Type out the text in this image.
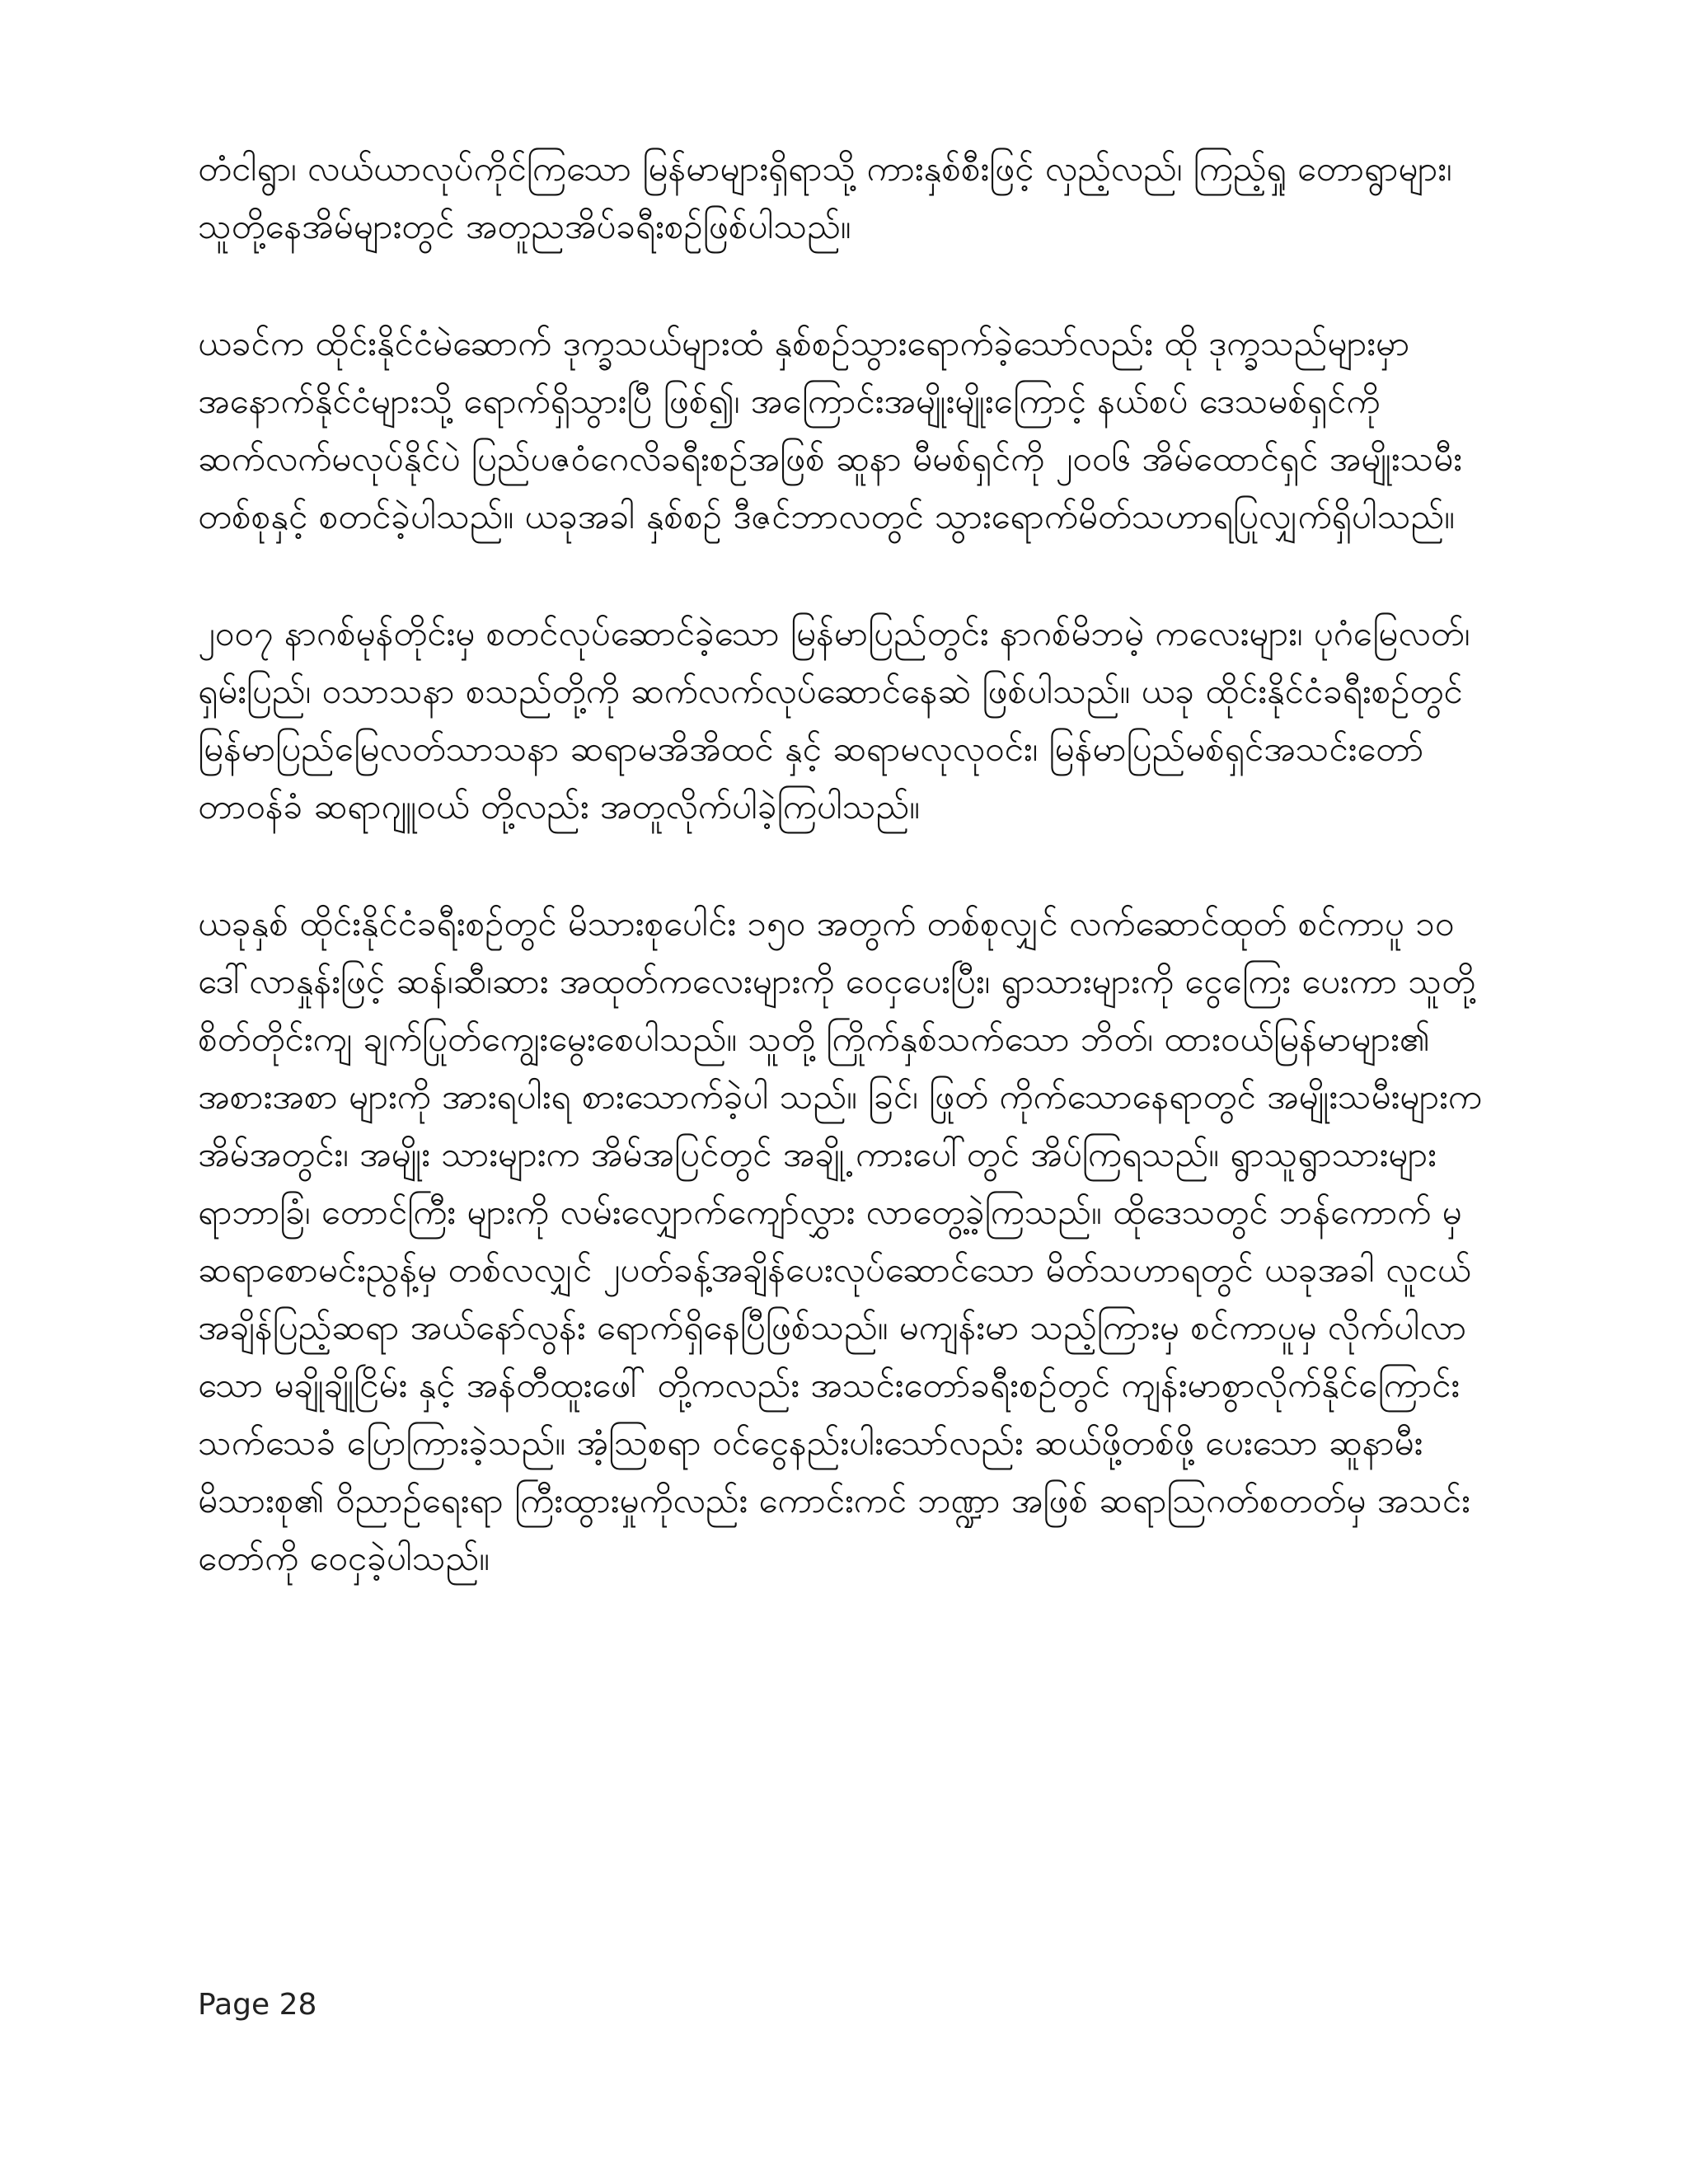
တံငါရွာ၊ လယ်ယာလုပ်ကိုင်ကြသော မြန်မာများရှိရာသို့ ကားနှစ်စီးဖြင့် လှည့်လည်၊ ကြည့်ရှု တောရွာများ၊ သူတို့နေအိမ်များတွင် အတူညအိပ်ခရီးစဉ်ဖြစ်ပါသည်။

ယခင်က ထိုင်းနိုင်ငံမဲဆောက် ဒုက္ခသယ်များထံ နှစ်စဉ်သွားရောက်ခဲ့သော်လည်း ထို ဒုက္ခသည်များမှာ အနောက်နိုင်ငံများသို့ ရောက်ရှိသွားပြီ ဖြစ်၍၊ အကြောင်းအမျိုးမျိုးကြောင့် နယ်စပ် ဒေသမစ်ရှင်ကို ဆက်လက်မလုပ်နိုင်ပဲ ပြည်ပဇဝံဂေလိခရီးစဉ်အဖြစ် ဆူနာ မီမစ်ရှင်ကို ၂၀၀၆ အိမ်ထောင်ရှင် အမျိုးသမီးတစ်စုနှင့် စတင်ခဲ့ပါသည်။ ယခုအခါ နှစ်စဉ် ဒီဇင်ဘာလတွင် သွားရောက်မိတ်သဟာရပြုလျှက်ရှိပါသည်။

၂၀၀၇ နာဂစ်မုန်တိုင်းမှ စတင်လုပ်ဆောင်ခဲ့သော မြန်မာပြည်တွင်း နာဂစ်မိဘမဲ့ ကလေးများ၊ ပုဂံမြေလတ်၊ ရှမ်းပြည်၊ ဝသာသနာ စသည်တို့ကို ဆက်လက်လုပ်ဆောင်နေဆဲ ဖြစ်ပါသည်။ ယခု ထိုင်းနိုင်ငံခရီးစဉ်တွင် မြန်မာပြည်မြေလတ်သာသနာ ဆရာမအိအိထင် နှင့် ဆရာမလုလုဝင်း၊ မြန်မာပြည်မစ်ရှင်အသင်းတော် တာဝန်ခံ ဆရာဂျူဝယ် တို့လည်း အတူလိုက်ပါခဲ့ကြပါသည်။

ယခုနှစ် ထိုင်းနိုင်ငံခရီးစဉ်တွင် မိသားစုပေါင်း ၁၅၀ အတွက် တစ်စုလျှင် လက်ဆောင်ထုတ် စင်ကာပူ ၁၀ ဒေါ်လာနှုန်းဖြင့် ဆန်၊ဆီ၊ဆား အထုတ်ကလေးများကို ဝေငှပေးပြီး၊ ရွာသားများကို ငွေကြေး ပေးကာ သူတို့စိတ်တိုင်းကျ ချက်ပြုတ်ကျွေးမွေးစေပါသည်။ သူတို့ ကြိုက်နှစ်သက်သော ဘိတ်၊ ထားဝယ်မြန်မာများ၏ အစားအစာ များကို အားရပါးရ စားသောက်ခဲ့ပါ သည်။ ခြင်၊ ဖြုတ် ကိုက်သောနေရာတွင် အမျိုးသမီးများက အိမ်အတွင်း၊ အမျိုး သားများက အိမ်အပြင်တွင် အချို့ ကားပေါ်တွင် အိပ်ကြရသည်။ ရွာသူရွာသားများ ရာဘာခြံ၊ တောင်ကြီး များကို လမ်းလျှောက်ကျော်လွှား လာတွေ့ခဲ့ကြသည်။ ထိုဒေသတွင် ဘန်ကောက် မှ ဆရာစောမင်းညွန့်မှ တစ်လလျှင် ၂ပတ်ခန့်အချိန်ပေးလုပ်ဆောင်သော မိတ်သဟာရတွင် ယခုအခါ လူငယ် အချိန်ပြည့်ဆရာ အယ်နော်လွန်း ရောက်ရှိနေပြီဖြစ်သည်။ မကျန်းမာ သည့်ကြားမှ စင်ကာပူမှ လိုက်ပါလာသော မချိုချိုငြိမ်း နှင့် အန်တီထူးဖေါ် တို့ကလည်း အသင်းတော်ခရီးစဉ်တွင် ကျန်းမာစွာလိုက်နိုင်ကြောင်း သက်သေခံ ပြောကြားခဲ့သည်။ အံ့သြစရာ ဝင်ငွေနည်းပါးသော်လည်း ဆယ်ဖို့တစ်ဖို့ ပေးသော ဆူနာမီးမိသားစု၏ ဝိညာဉ်ရေးရာ ကြီးထွားမှုကိုလည်း ကောင်းကင် ဘဏ္ဍာ အဖြစ် ဆရာသြဂတ်စတတ်မှ အသင်း တော်ကို ဝေငှခဲ့ပါသည်။

Page 28
